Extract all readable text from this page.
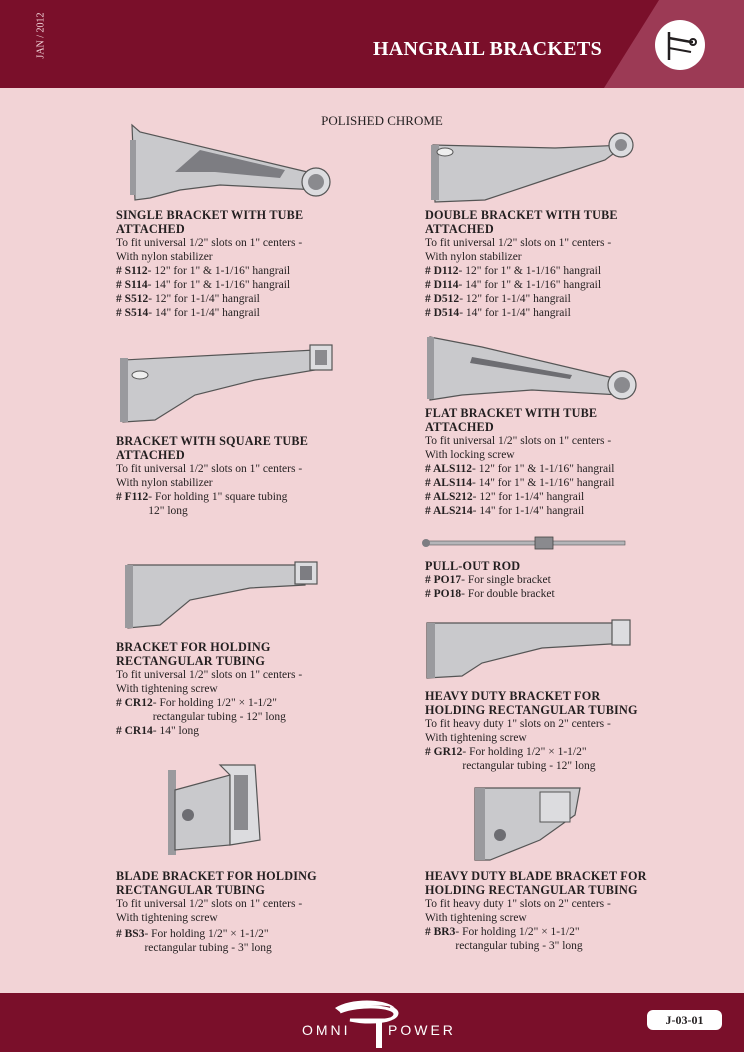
JAN / 2012	HANGRAIL BRACKETS
POLISHED CHROME
SINGLE BRACKET WITH TUBE
ATTACHED
To fit universal 1/2" slots on 1" centers -
With nylon stabilizer
# S112 - 12" for 1" & 1-1/16" hangrail
# S114 - 14" for 1" & 1-1/16" hangrail
# S512 - 12" for 1-1/4" hangrail
# S514 - 14" for 1-1/4" hangrail
DOUBLE BRACKET WITH TUBE
ATTACHED
To fit universal 1/2" slots on 1" centers -
With nylon stabilizer
# D112 - 12" for 1" & 1-1/16" hangrail
# D114 - 14" for 1" & 1-1/16" hangrail
# D512 - 12" for 1-1/4" hangrail
# D514 - 14" for 1-1/4" hangrail
BRACKET WITH SQUARE TUBE
ATTACHED
To fit universal 1/2" slots on 1" centers -
With nylon stabilizer
# F112 - For holding 1" square tubing
12" long
FLAT BRACKET WITH TUBE
ATTACHED
To fit universal 1/2" slots on 1" centers -
With locking screw
# ALS112 - 12" for 1" & 1-1/16" hangrail
# ALS114 - 14" for 1" & 1-1/16" hangrail
# ALS212 - 12" for 1-1/4" hangrail
# ALS214 - 14" for 1-1/4" hangrail
PULL-OUT ROD
# PO17 - For single bracket
# PO18 - For double bracket
BRACKET FOR HOLDING
RECTANGULAR TUBING
To fit universal 1/2" slots on 1" centers -
With tightening screw
# CR12 - For holding 1/2" × 1-1/2"
rectangular tubing - 12" long
# CR14 - 14" long
HEAVY DUTY BRACKET FOR
HOLDING RECTANGULAR TUBING
To fit heavy duty 1" slots on 2" centers -
With tightening screw
# GR12 - For holding 1/2" × 1-1/2"
rectangular tubing - 12" long
BLADE BRACKET FOR HOLDING
RECTANGULAR TUBING
To fit universal 1/2" slots on 1" centers -
With tightening screw
# BS3 - For holding 1/2" × 1-1/2"
rectangular tubing - 3" long
HEAVY DUTY BLADE BRACKET FOR
HOLDING RECTANGULAR TUBING
To fit heavy duty 1" slots on 2" centers -
With tightening screw
# BR3 - For holding 1/2" × 1-1/2"
rectangular tubing - 3" long
OMNI	POWER
J-03-01
